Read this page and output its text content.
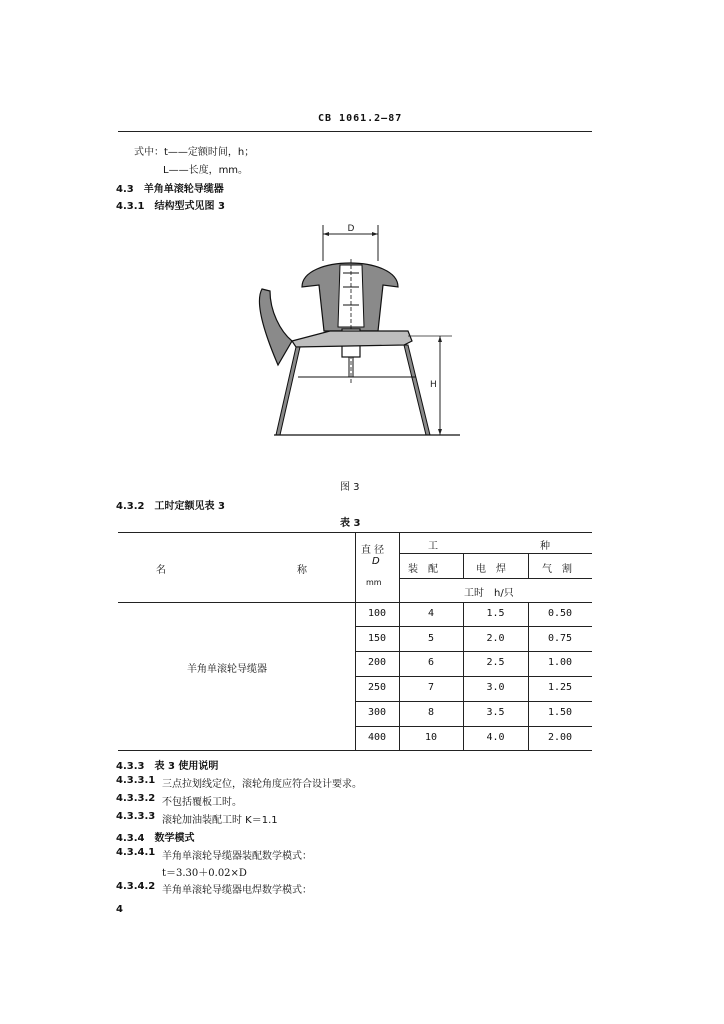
CB 1061.2—87
式中：t——定额时间，h；
L——长度，mm。
4.3　羊角单滚轮导缆器
4.3.1　结构型式见图 3
D
H
图 3
4.3.2　工时定额见表 3
表 3
名	称
直 径
D
mm
工	种
装　配	电　焊	气　割
工时　h/只
羊角单滚轮导缆器
100	4	1.5	0.50
150	5	2.0	0.75
200	6	2.5	1.00
250	7	3.0	1.25
300	8	3.5	1.50
400	10	4.0	2.00
4.3.3　表 3 使用说明
4.3.3.1 三点拉划线定位，滚轮角度应符合设计要求。
4.3.3.2 不包括覆板工时。
4.3.3.3 滚轮加油装配工时 K＝1.1
4.3.4　数学模式
4.3.4.1 羊角单滚轮导缆器装配数学模式：
t＝3.30＋0.02×D
4.3.4.2 羊角单滚轮导缆器电焊数学模式：
4
